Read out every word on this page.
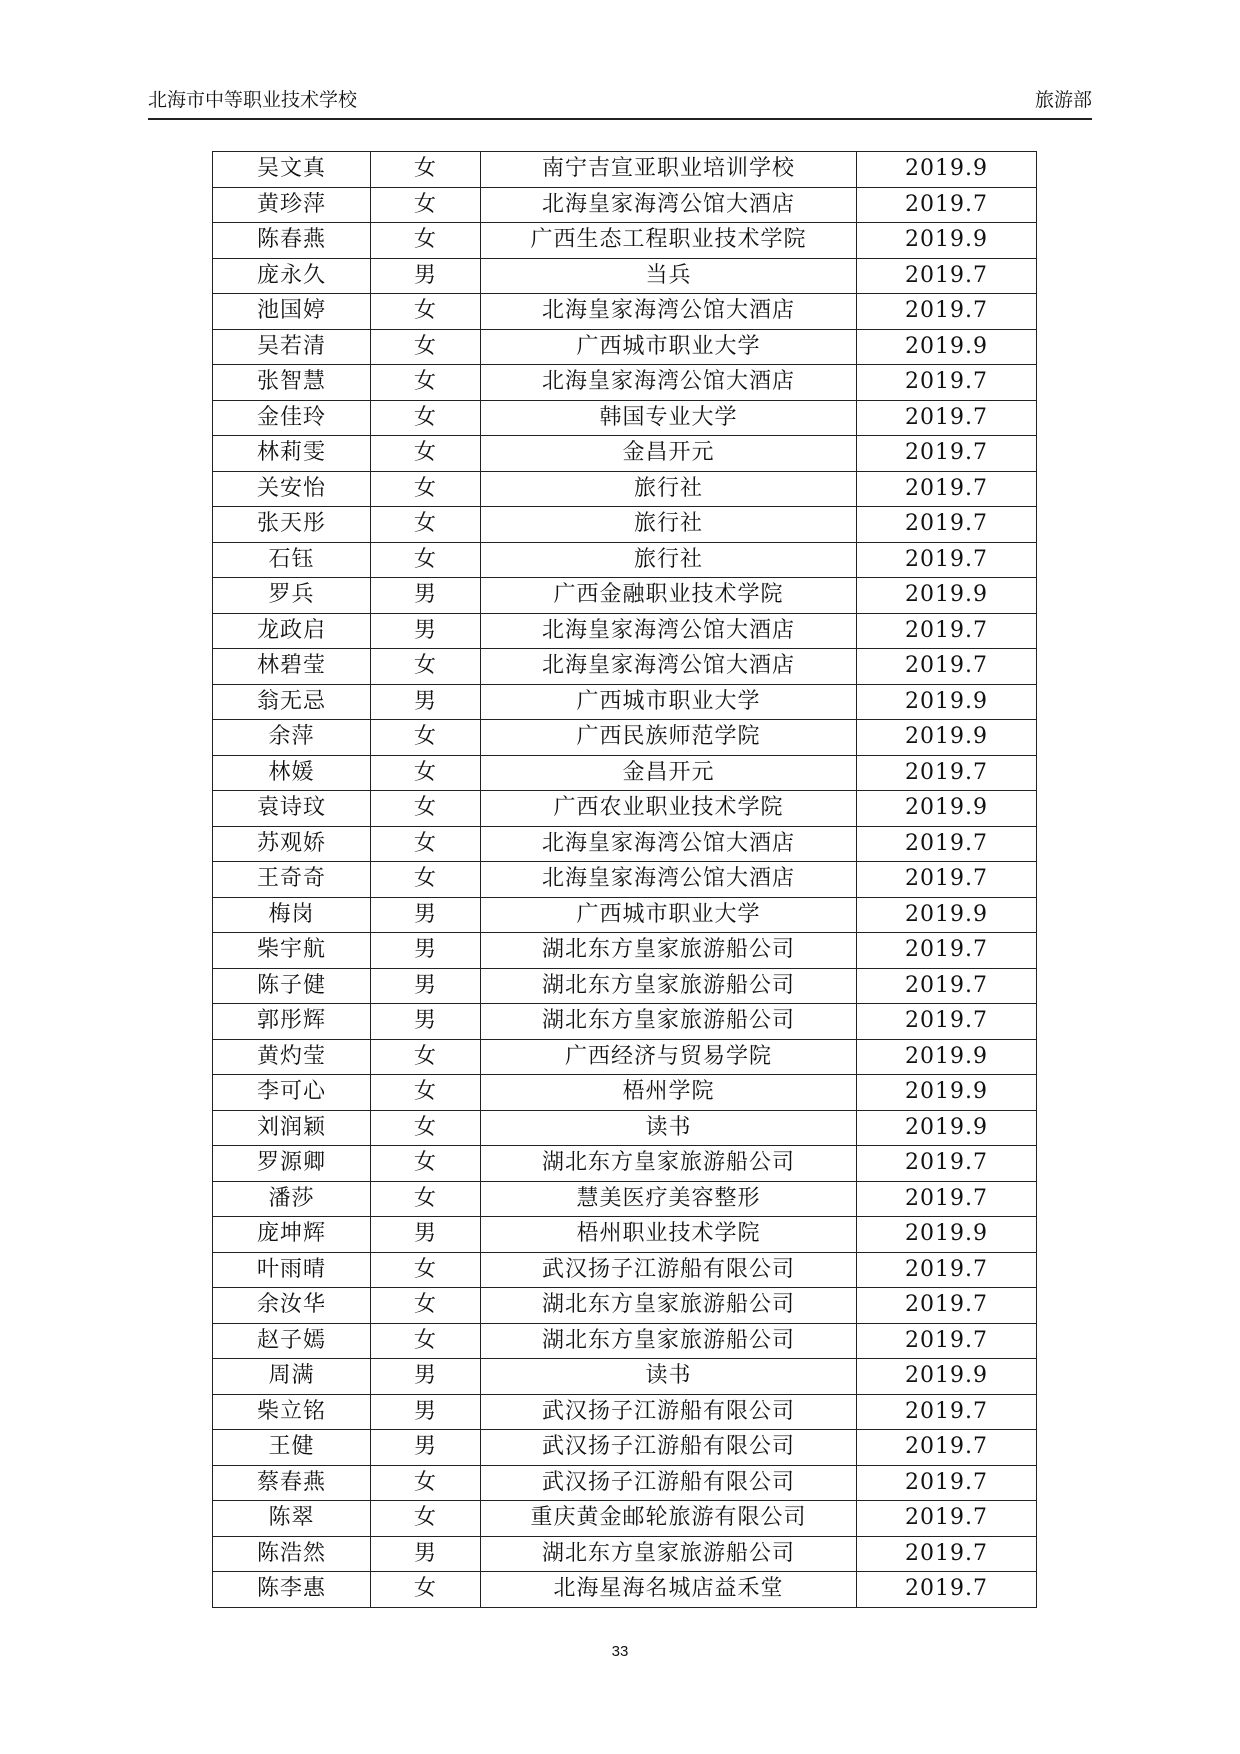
北海市中等职业技术学校	旅游部
吴文真	女	南宁吉宣亚职业培训学校	2019.9
黄珍萍	女	北海皇家海湾公馆大酒店	2019.7
陈春燕	女	广西生态工程职业技术学院	2019.9
庞永久	男	当兵	2019.7
池国婷	女	北海皇家海湾公馆大酒店	2019.7
吴若清	女	广西城市职业大学	2019.9
张智慧	女	北海皇家海湾公馆大酒店	2019.7
金佳玲	女	韩国专业大学	2019.7
林莉雯	女	金昌开元	2019.7
关安怡	女	旅行社	2019.7
张天彤	女	旅行社	2019.7
石钰	女	旅行社	2019.7
罗兵	男	广西金融职业技术学院	2019.9
龙政启	男	北海皇家海湾公馆大酒店	2019.7
林碧莹	女	北海皇家海湾公馆大酒店	2019.7
翁无忌	男	广西城市职业大学	2019.9
余萍	女	广西民族师范学院	2019.9
林媛	女	金昌开元	2019.7
袁诗玟	女	广西农业职业技术学院	2019.9
苏观娇	女	北海皇家海湾公馆大酒店	2019.7
王奇奇	女	北海皇家海湾公馆大酒店	2019.7
梅岗	男	广西城市职业大学	2019.9
柴宇航	男	湖北东方皇家旅游船公司	2019.7
陈子健	男	湖北东方皇家旅游船公司	2019.7
郭彤辉	男	湖北东方皇家旅游船公司	2019.7
黄灼莹	女	广西经济与贸易学院	2019.9
李可心	女	梧州学院	2019.9
刘润颖	女	读书	2019.9
罗源卿	女	湖北东方皇家旅游船公司	2019.7
潘莎	女	慧美医疗美容整形	2019.7
庞坤辉	男	梧州职业技术学院	2019.9
叶雨晴	女	武汉扬子江游船有限公司	2019.7
余汝华	女	湖北东方皇家旅游船公司	2019.7
赵子嫣	女	湖北东方皇家旅游船公司	2019.7
周满	男	读书	2019.9
柴立铭	男	武汉扬子江游船有限公司	2019.7
王健	男	武汉扬子江游船有限公司	2019.7
蔡春燕	女	武汉扬子江游船有限公司	2019.7
陈翠	女	重庆黄金邮轮旅游有限公司	2019.7
陈浩然	男	湖北东方皇家旅游船公司	2019.7
陈李惠	女	北海星海名城店益禾堂	2019.7
33
